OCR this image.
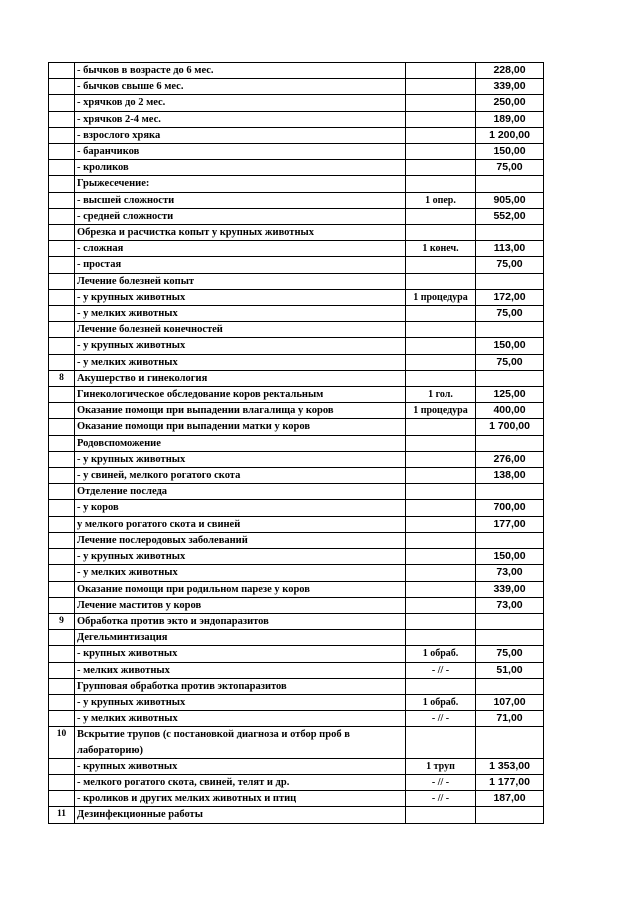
	- бычков в возрасте до 6 мес.		228,00
	- бычков свыше 6 мес.		339,00
	- хрячков до 2 мес.		250,00
	- хрячков 2-4 мес.		189,00
	- взрослого хряка		1 200,00
	- баранчиков		150,00
	- кроликов		75,00
	Грыжесечение:		
	- высшей сложности	1 опер.	905,00
	- средней сложности		552,00
	Обрезка и расчистка копыт у крупных животных		
	- сложная	1 конеч.	113,00
	- простая		75,00
	Лечение болезней копыт		
	- у крупных животных	1 процедура	172,00
	- у мелких животных		75,00
	Лечение болезней конечностей		
	- у крупных животных		150,00
	- у мелких животных		75,00
8	Акушерство и гинекология		
	Гинекологическое обследование коров ректальным	1 гол.	125,00
	Оказание помощи при выпадении влагалища у коров	1 процедура	400,00
	Оказание помощи при выпадении матки у коров		1 700,00
	Родовспоможение		
	- у крупных животных		276,00
	- у свиней, мелкого рогатого скота		138,00
	Отделение последа		
	- у коров		700,00
	у мелкого рогатого скота и свиней		177,00
	Лечение послеродовых заболеваний		
	- у крупных животных		150,00
	- у мелких животных		73,00
	Оказание помощи при родильном парезе у коров		339,00
	Лечение маститов у коров		73,00
9	Обработка против экто и эндопаразитов		
	Дегельминтизация		
	- крупных животных	1 обраб.	75,00
	- мелких животных	- // -	51,00
	Групповая обработка против эктопаразитов		
	- у крупных животных	1 обраб.	107,00
	- у мелких животных	- // -	71,00
10	Вскрытие трупов (с постановкой диагноза и отбор проб в лабораторию)		
	- крупных животных	1 труп	1 353,00
	- мелкого рогатого скота, свиней, телят и др.	- // -	1 177,00
	- кроликов и других мелких животных и птиц	- // -	187,00
11	Дезинфекционные работы		
